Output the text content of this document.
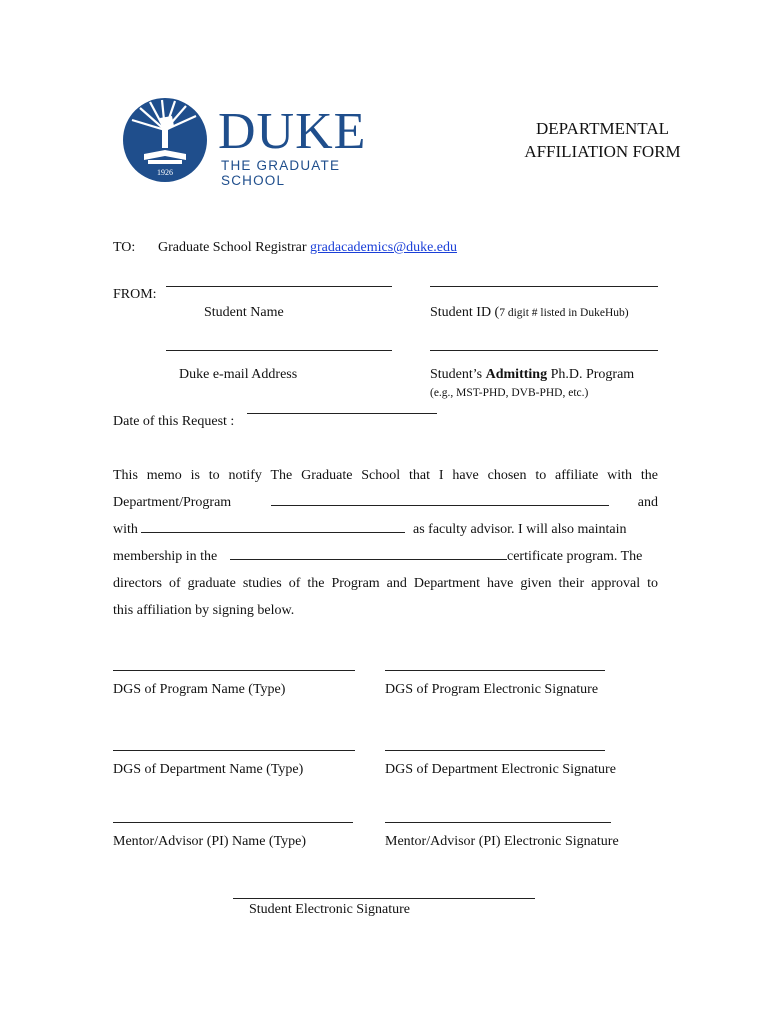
1926
DUKE
THE GRADUATE SCHOOL
DEPARTMENTAL
AFFILIATION FORM
TO: Graduate School Registrar gradacademics@duke.edu
FROM:
Student Name	Student ID (7 digit # listed in DukeHub)
Duke e-mail Address	Student’s Admitting Ph.D. Program
(e.g., MST-PHD, DVB-PHD, etc.)
Date of this Request :
This memo is to notify The Graduate School that I have chosen to affiliate with the
Department/Program	and
with	as faculty advisor. I will also maintain
membership in the	certificate program. The
directors of graduate studies of the Program and Department have given their approval to
this affiliation by signing below.
DGS of Program Name (Type)	DGS of Program Electronic Signature
DGS of Department Name (Type)	DGS of Department Electronic Signature
Mentor/Advisor (PI) Name (Type)	Mentor/Advisor (PI) Electronic Signature
Student Electronic Signature
